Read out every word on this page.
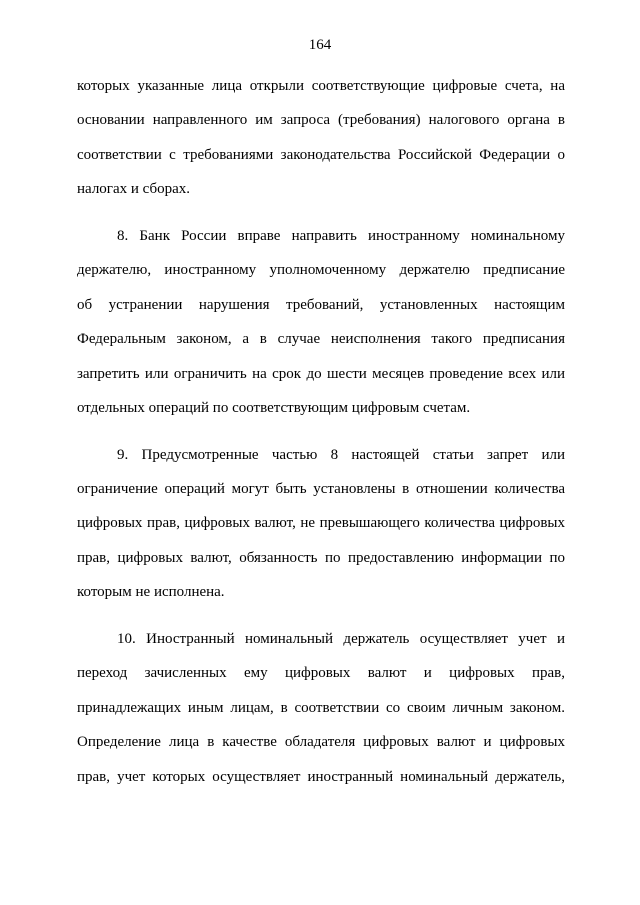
164

которых указанные лица открыли соответствующие цифровые счета, на
основании направленного им запроса (требования) налогового органа в
соответствии с требованиями законодательства Российской Федерации о
налогах и сборах.

8. Банк России вправе направить иностранному номинальному
держателю, иностранному уполномоченному держателю предписание
об устранении нарушения требований, установленных настоящим
Федеральным законом, а в случае неисполнения такого предписания
запретить или ограничить на срок до шести месяцев проведение всех или
отдельных операций по соответствующим цифровым счетам.

9. Предусмотренные частью 8 настоящей статьи запрет или
ограничение операций могут быть установлены в отношении количества
цифровых прав, цифровых валют, не превышающего количества цифровых
прав, цифровых валют, обязанность по предоставлению информации по
которым не исполнена.

10. Иностранный номинальный держатель осуществляет учет и
переход зачисленных ему цифровых валют и цифровых прав,
принадлежащих иным лицам, в соответствии со своим личным законом.
Определение лица в качестве обладателя цифровых валют и цифровых
прав, учет которых осуществляет иностранный номинальный держатель,
